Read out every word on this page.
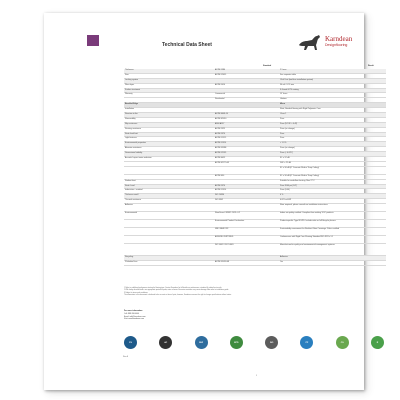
Technical Data Sheet
Karndean
Designflooring
Standard	Result
Thickness	ASTM F386	2.5 mm
Size	ASTM F2055	See separate table
Locking system	Click Fast (tool-less installation system)
Wear layer	ASTM F410	30 mil / 0.55 mm
Surface treatment	K-Guard & PU coating
Warranty	Commercial	15 Years
Residential	Lifetime
Bevelled Edge	Micro
Installation	Float, Bonded flooring with Rigid Polymeric Core
Reaction to fire	ASTM E648-10	Class 1
Flammability	ASTM E2090	Pass
Slip resistance	ANSI A137	Pass (DCOF > 0.42)
Staining resistance	ASTM F925	Pass (no change)
Static load limit	ASTM F970	Pass
Light fastness	ASTM F1515	Pass
Environmental properties	ASTM F1914	< 1.0 %
Abrasion resistance	ASTM D3884	Pass (no change)
Dimensional stability	ASTM F2199	Pass (< 0.025")
Acoustic Impact noise reduction	ASTM E492	IIC = 52 dB
ASTM E2179-03	DIIC = 21 dB
IIC = 56 dB (6" Concrete Slab w/ Drop Ceiling)
ASTM E90	IIC = 56 dB (6" Concrete Slab w/ Drop Ceiling)
Radiant heat	Suitable for underfloor heating. Max 27°C
Static Load	ASTM F970	Pass 2000 psi (1/4")
Indentation - residual	ASTM F1914	Pass (0.04)
Thickness swell	ISO 24336	0 %
Thermal resistance	ISO 8302	0.021 m²K/W
Adhesive	Floor required, please consult our installation instructions
Environmental	FloorScore® EPA 1.2013 v1.2	Indoor air quality certified. Compliant low emitting VOC products
Environmental Product Declaration	Product-specific Type III EPD. Includes info on full lifecycle phases
NSF / ANSI 332	Sustainability assessment for Resilient Floor Coverings. Silver certified
ASSURE CERTIFIED	Conformance with Rigid Core Flooring Standard ISO 4811 v.1.1
ISO 9001 / ISO 14001	Manufactured to quality and environmental management systems
Recycling	Adhesive
Phthalate Free	ASTM D3418-08	Yes
1 Refer to published performance testing for flooring type. Contact Karndean for full details on performance, standard & related test results.
2 With heavy wheeled traffic use appropriate protective pads, mats or bases. Excessive moisture may cause damage. Also refer to installation guide.
3 Subject to terms and conditions.
The information in this document is believed to be accurate at time of print; however, Karndean reserves the right to change specifications without notice.
For more information:
Call: 888.266.4444
Email: info@karndean.com
Visit: www.karndean.com
Rev A
FS	AC	NSF	EPD	ISO	PF	CG	R
1
